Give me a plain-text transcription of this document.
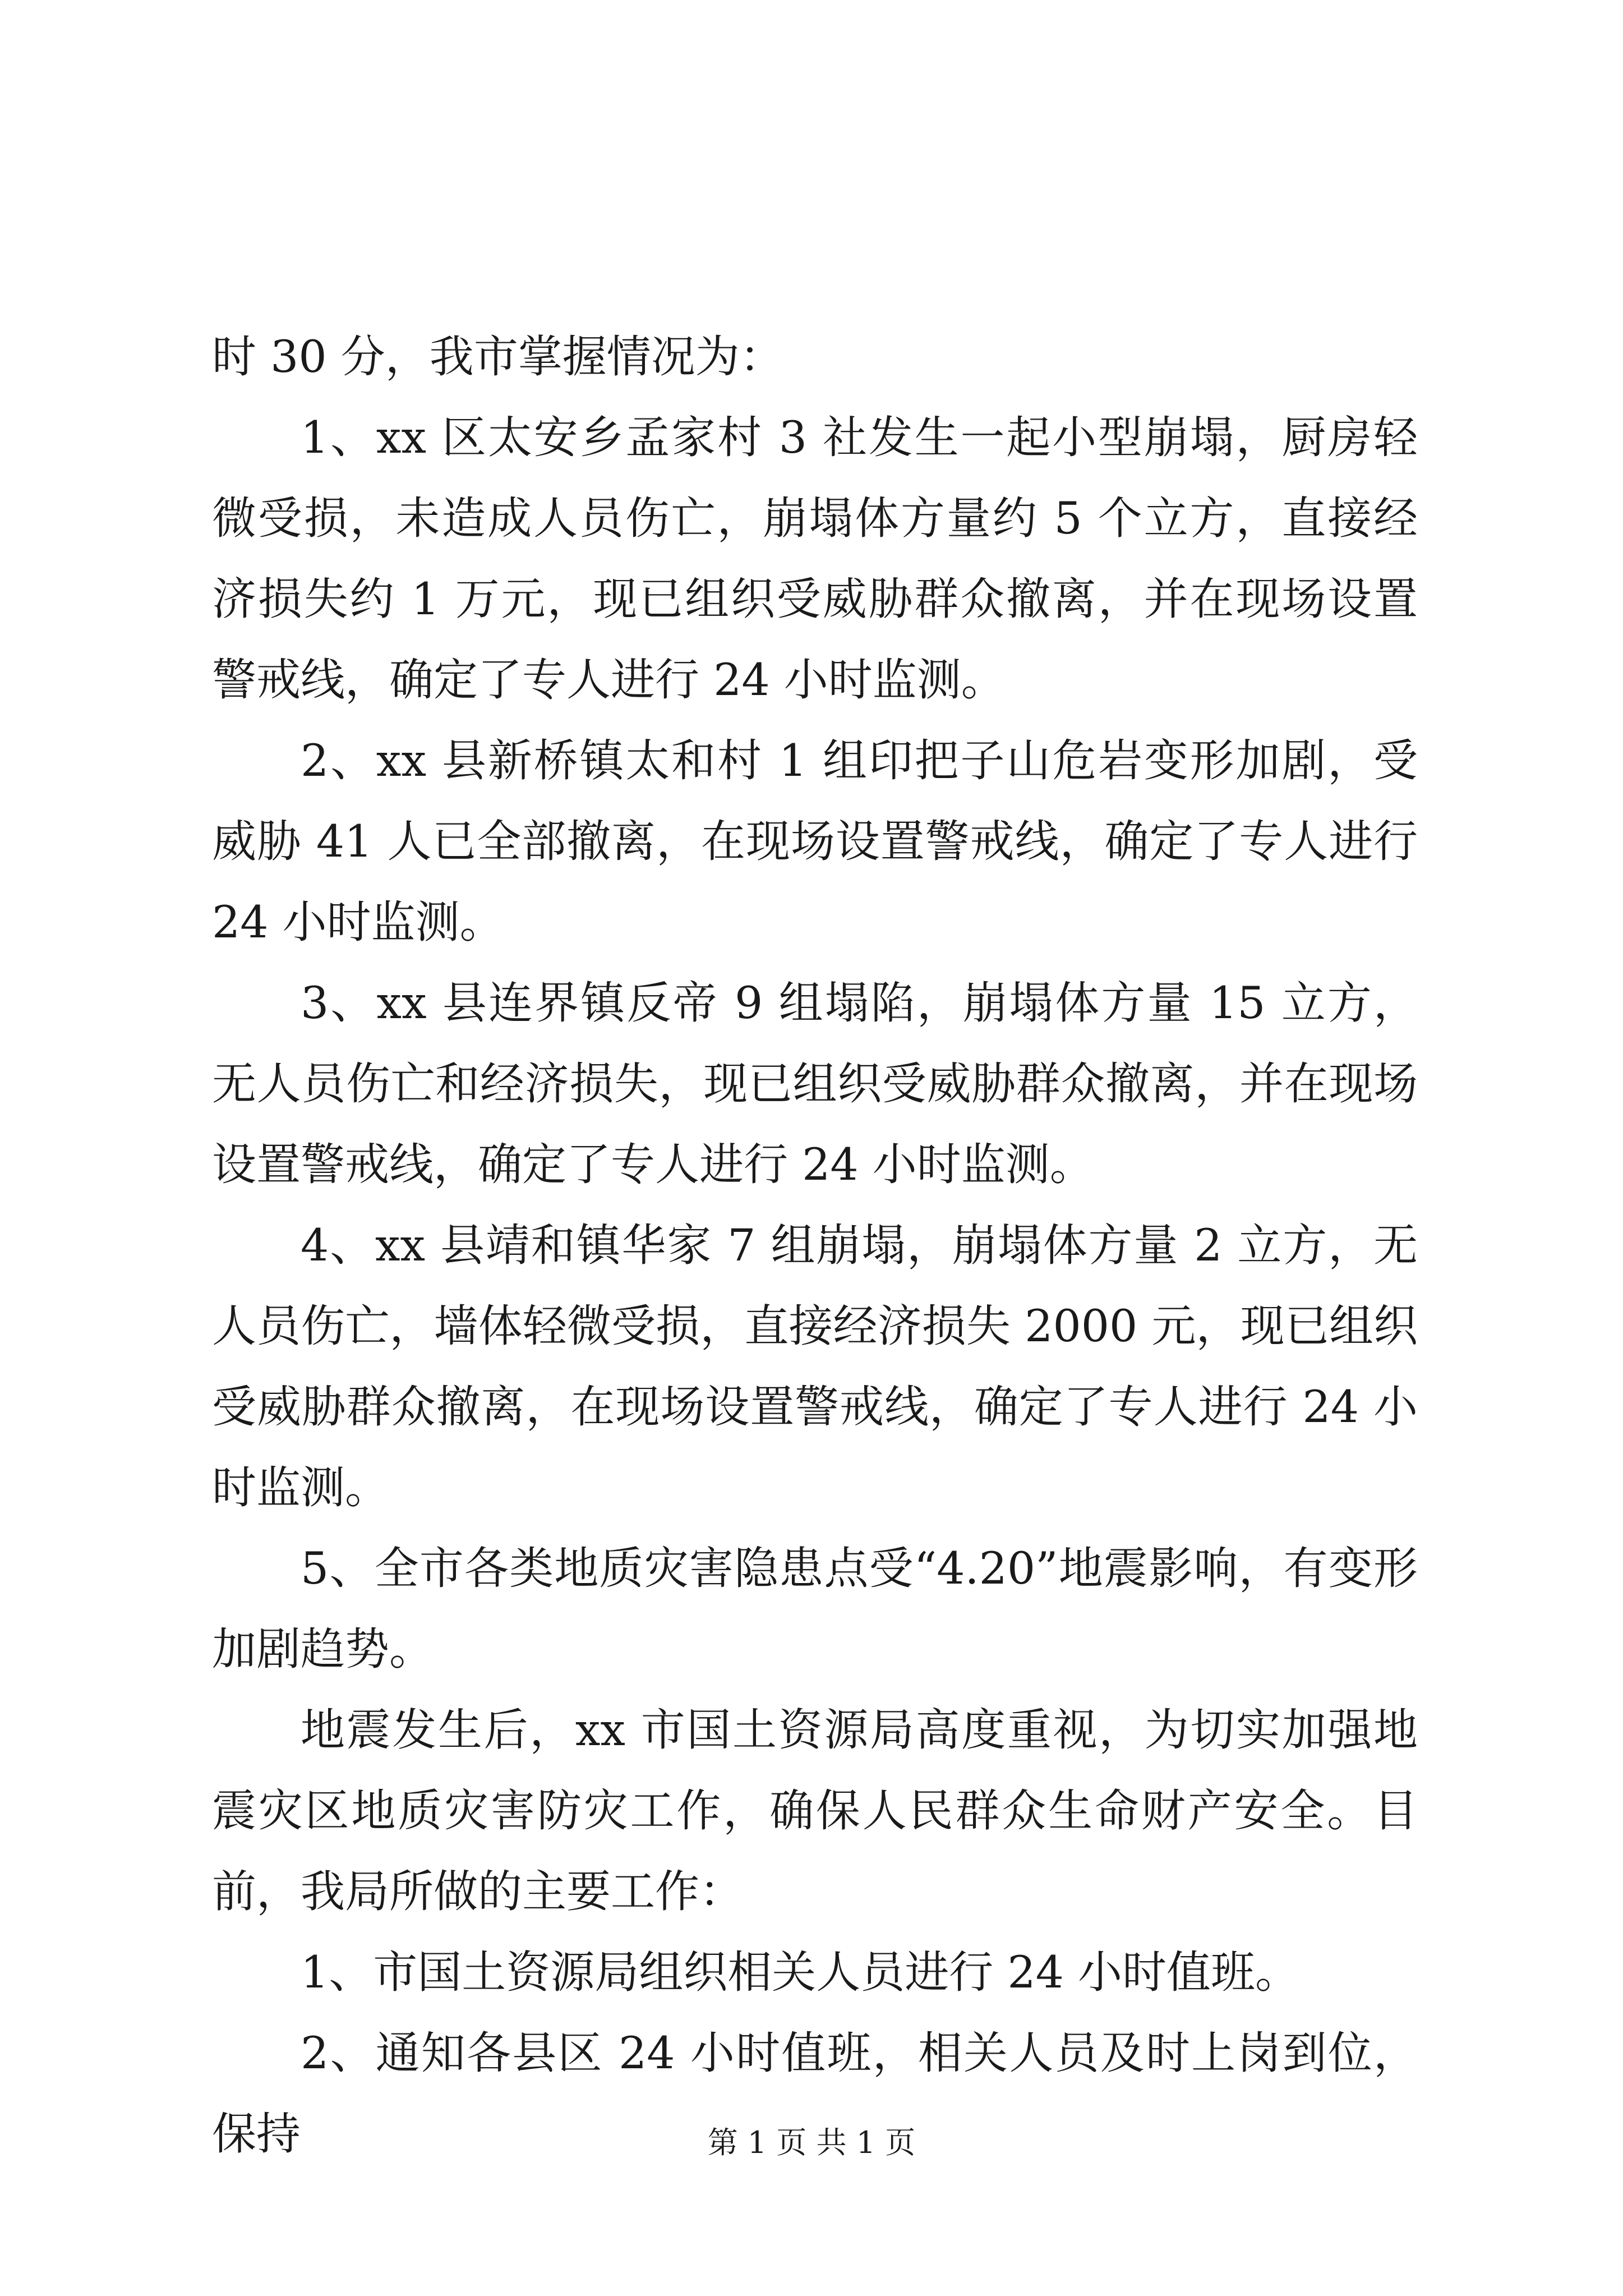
时 30 分，我市掌握情况为：

1、xx 区太安乡孟家村 3 社发生一起小型崩塌，厨房轻微受损，未造成人员伤亡，崩塌体方量约 5 个立方，直接经济损失约 1 万元，现已组织受威胁群众撤离，并在现场设置警戒线，确定了专人进行 24 小时监测。

2、xx 县新桥镇太和村 1 组印把子山危岩变形加剧，受威胁 41 人已全部撤离，在现场设置警戒线，确定了专人进行 24 小时监测。

3、xx 县连界镇反帝 9 组塌陷，崩塌体方量 15 立方，无人员伤亡和经济损失，现已组织受威胁群众撤离，并在现场设置警戒线，确定了专人进行 24 小时监测。

4、xx 县靖和镇华家 7 组崩塌，崩塌体方量 2 立方，无人员伤亡，墙体轻微受损，直接经济损失 2000 元，现已组织受威胁群众撤离，在现场设置警戒线，确定了专人进行 24 小时监测。

5、全市各类地质灾害隐患点受“4.20”地震影响，有变形加剧趋势。

地震发生后，xx 市国土资源局高度重视，为切实加强地震灾区地质灾害防灾工作，确保人民群众生命财产安全。目前，我局所做的主要工作：

1、市国土资源局组织相关人员进行 24 小时值班。

2、通知各县区 24 小时值班，相关人员及时上岗到位，保持	第 1 页 共 1 页
